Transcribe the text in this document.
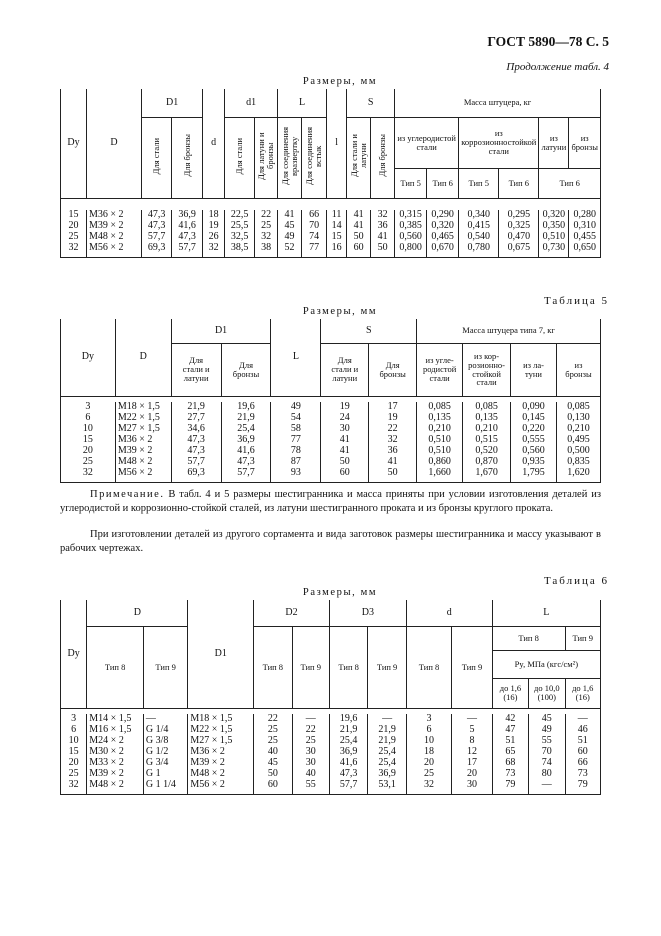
ГОСТ 5890—78 С. 5
Продолжение табл. 4
Размеры, мм
Dy	D	D1		d	d1		L		l	S		Масса штуцера, кг					
		Для стали	Для бронзы		Для стали	Для латуни и бронзы	Для соединения вразвертку	Для соединения встык		Для стали и латуни	Для бронзы	из углеродистой стали		из коррозионностойкой стали		из латуни	из бронзы
												Тип 5	Тип 6	Тип 5	Тип 6	Тип 6	

15	M36 × 2	47,3	36,9	18	22,5	22	41	66	11	41	32	0,315	0,290	0,340	0,295	0,320	0,280
20	M39 × 2	47,3	41,6	19	25,5	25	45	70	14	41	36	0,385	0,320	0,415	0,325	0,350	0,310
25	M48 × 2	57,7	47,3	26	32,5	32	49	74	15	50	41	0,560	0,465	0,540	0,470	0,510	0,455
32	M56 × 2	69,3	57,7	32	38,5	38	52	77	16	60	50	0,800	0,670	0,780	0,675	0,730	0,650
Таблица 5
Размеры, мм
Dy	D	D1		L	S		Масса штуцера типа 7, кг			
		Для
стали и
латуни	Для
бронзы		Для
стали и
латуни	Для
бронзы	из угле-
родистой
стали	из кор-
розионно-
стойкой
стали	из ла-
туни	из
бронзы

3	M18 × 1,5	21,9	19,6	49	19	17	0,085	0,085	0,090	0,085
6	M22 × 1,5	27,7	21,9	54	24	19	0,135	0,135	0,145	0,130
10	M27 × 1,5	34,6	25,4	58	30	22	0,210	0,210	0,220	0,210
15	M36 × 2	47,3	36,9	77	41	32	0,510	0,515	0,555	0,495
20	M39 × 2	47,3	41,6	78	41	36	0,510	0,520	0,560	0,500
25	M48 × 2	57,7	47,3	87	50	41	0,860	0,870	0,935	0,835
32	M56 × 2	69,3	57,7	93	60	50	1,660	1,670	1,795	1,620
Примечание. В табл. 4 и 5 размеры шестигранника и масса приняты при условии изготовления деталей из углеродистой и коррозионно-стойкой сталей, из латуни шестигранного проката и из бронзы круглого проката.
При изготовлении деталей из другого сортамента и вида заготовок размеры шестигранника и массу указывают в рабочих чертежах.
Таблица 6
Размеры, мм
Dy	D		D1	D2		D3		d		L		
	Тип 8	Тип 9		Тип 8	Тип 9	Тип 8	Тип 9	Тип 8	Тип 9	Тип 8		Тип 9
										Py, МПа (кгс/см²)		
										до 1,6
(16)	до 10,0
(100)	до 1,6
(16)

3	M14 × 1,5	—	M18 × 1,5	22	—	19,6	—	3	—	42	45	—
6	M16 × 1,5	G 1/4	M22 × 1,5	25	22	21,9	21,9	6	5	47	49	46
10	M24 × 2	G 3/8	M27 × 1,5	25	25	25,4	21,9	10	8	51	55	51
15	M30 × 2	G 1/2	M36 × 2	40	30	36,9	25,4	18	12	65	70	60
20	M33 × 2	G 3/4	M39 × 2	45	30	41,6	25,4	20	17	68	74	66
25	M39 × 2	G 1	M48 × 2	50	40	47,3	36,9	25	20	73	80	73
32	M48 × 2	G 1 1/4	M56 × 2	60	55	57,7	53,1	32	30	79	—	79
